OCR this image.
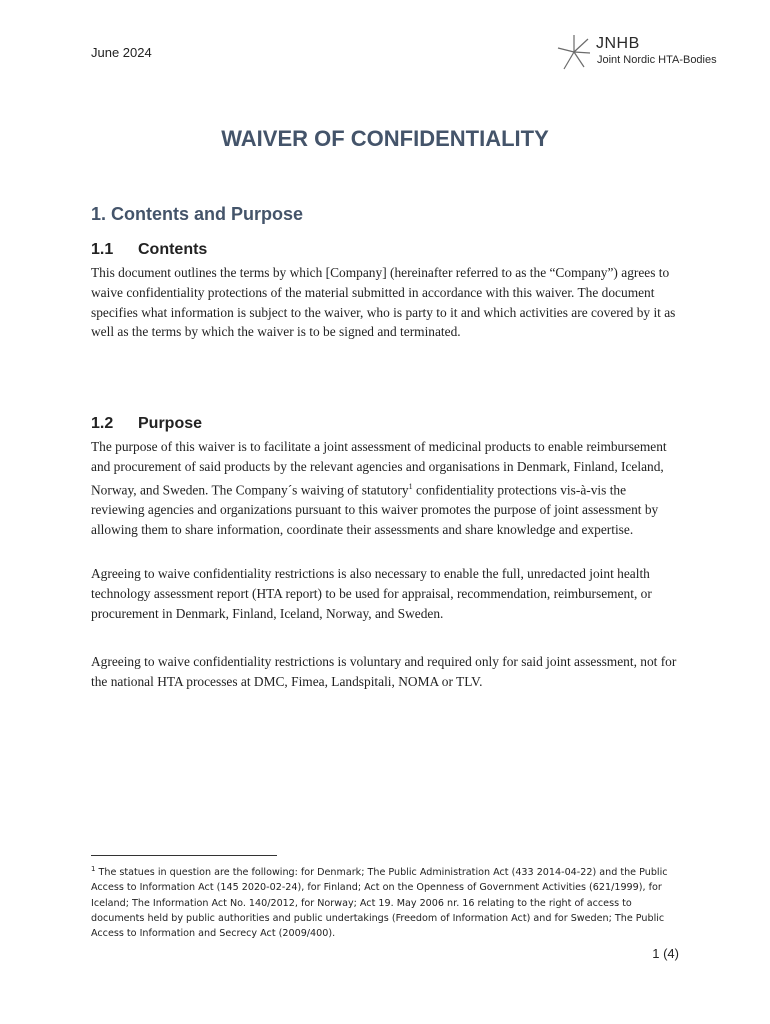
June 2024
JNHB
Joint Nordic HTA-Bodies
WAIVER OF CONFIDENTIALITY
1. Contents and Purpose
1.1 Contents

This document outlines the terms by which [Company] (hereinafter referred to as the “Company”) agrees to waive confidentiality protections of the material submitted in accordance with this waiver. The document specifies what information is subject to the waiver, who is party to it and which activities are covered by it as well as the terms by which the waiver is to be signed and terminated.

1.2 Purpose

The purpose of this waiver is to facilitate a joint assessment of medicinal products to enable reimbursement and procurement of said products by the relevant agencies and organisations in Denmark, Finland, Iceland, Norway, and Sweden. The Company´s waiving of statutory$^1$ confidentiality protections vis-à-vis the reviewing agencies and organizations pursuant to this waiver promotes the purpose of joint assessment by allowing them to share information, coordinate their assessments and share knowledge and expertise.

Agreeing to waive confidentiality restrictions is also necessary to enable the full, unredacted joint health technology assessment report (HTA report) to be used for appraisal, recommendation, reimbursement, or procurement in Denmark, Finland, Iceland, Norway, and Sweden.

Agreeing to waive confidentiality restrictions is voluntary and required only for said joint assessment, not for the national HTA processes at DMC, Fimea, Landspitali, NOMA or TLV.

$^1$ The statues in question are the following: for Denmark; The Public Administration Act (433 2014-04-22) and the Public Access to Information Act (145 2020-02-24), for Finland; Act on the Openness of Government Activities (621/1999), for Iceland; The Information Act No. 140/2012, for Norway; Act 19. May 2006 nr. 16 relating to the right of access to documents held by public authorities and public undertakings (Freedom of Information Act) and for Sweden; The Public Access to Information and Secrecy Act (2009/400).

1 (4)
